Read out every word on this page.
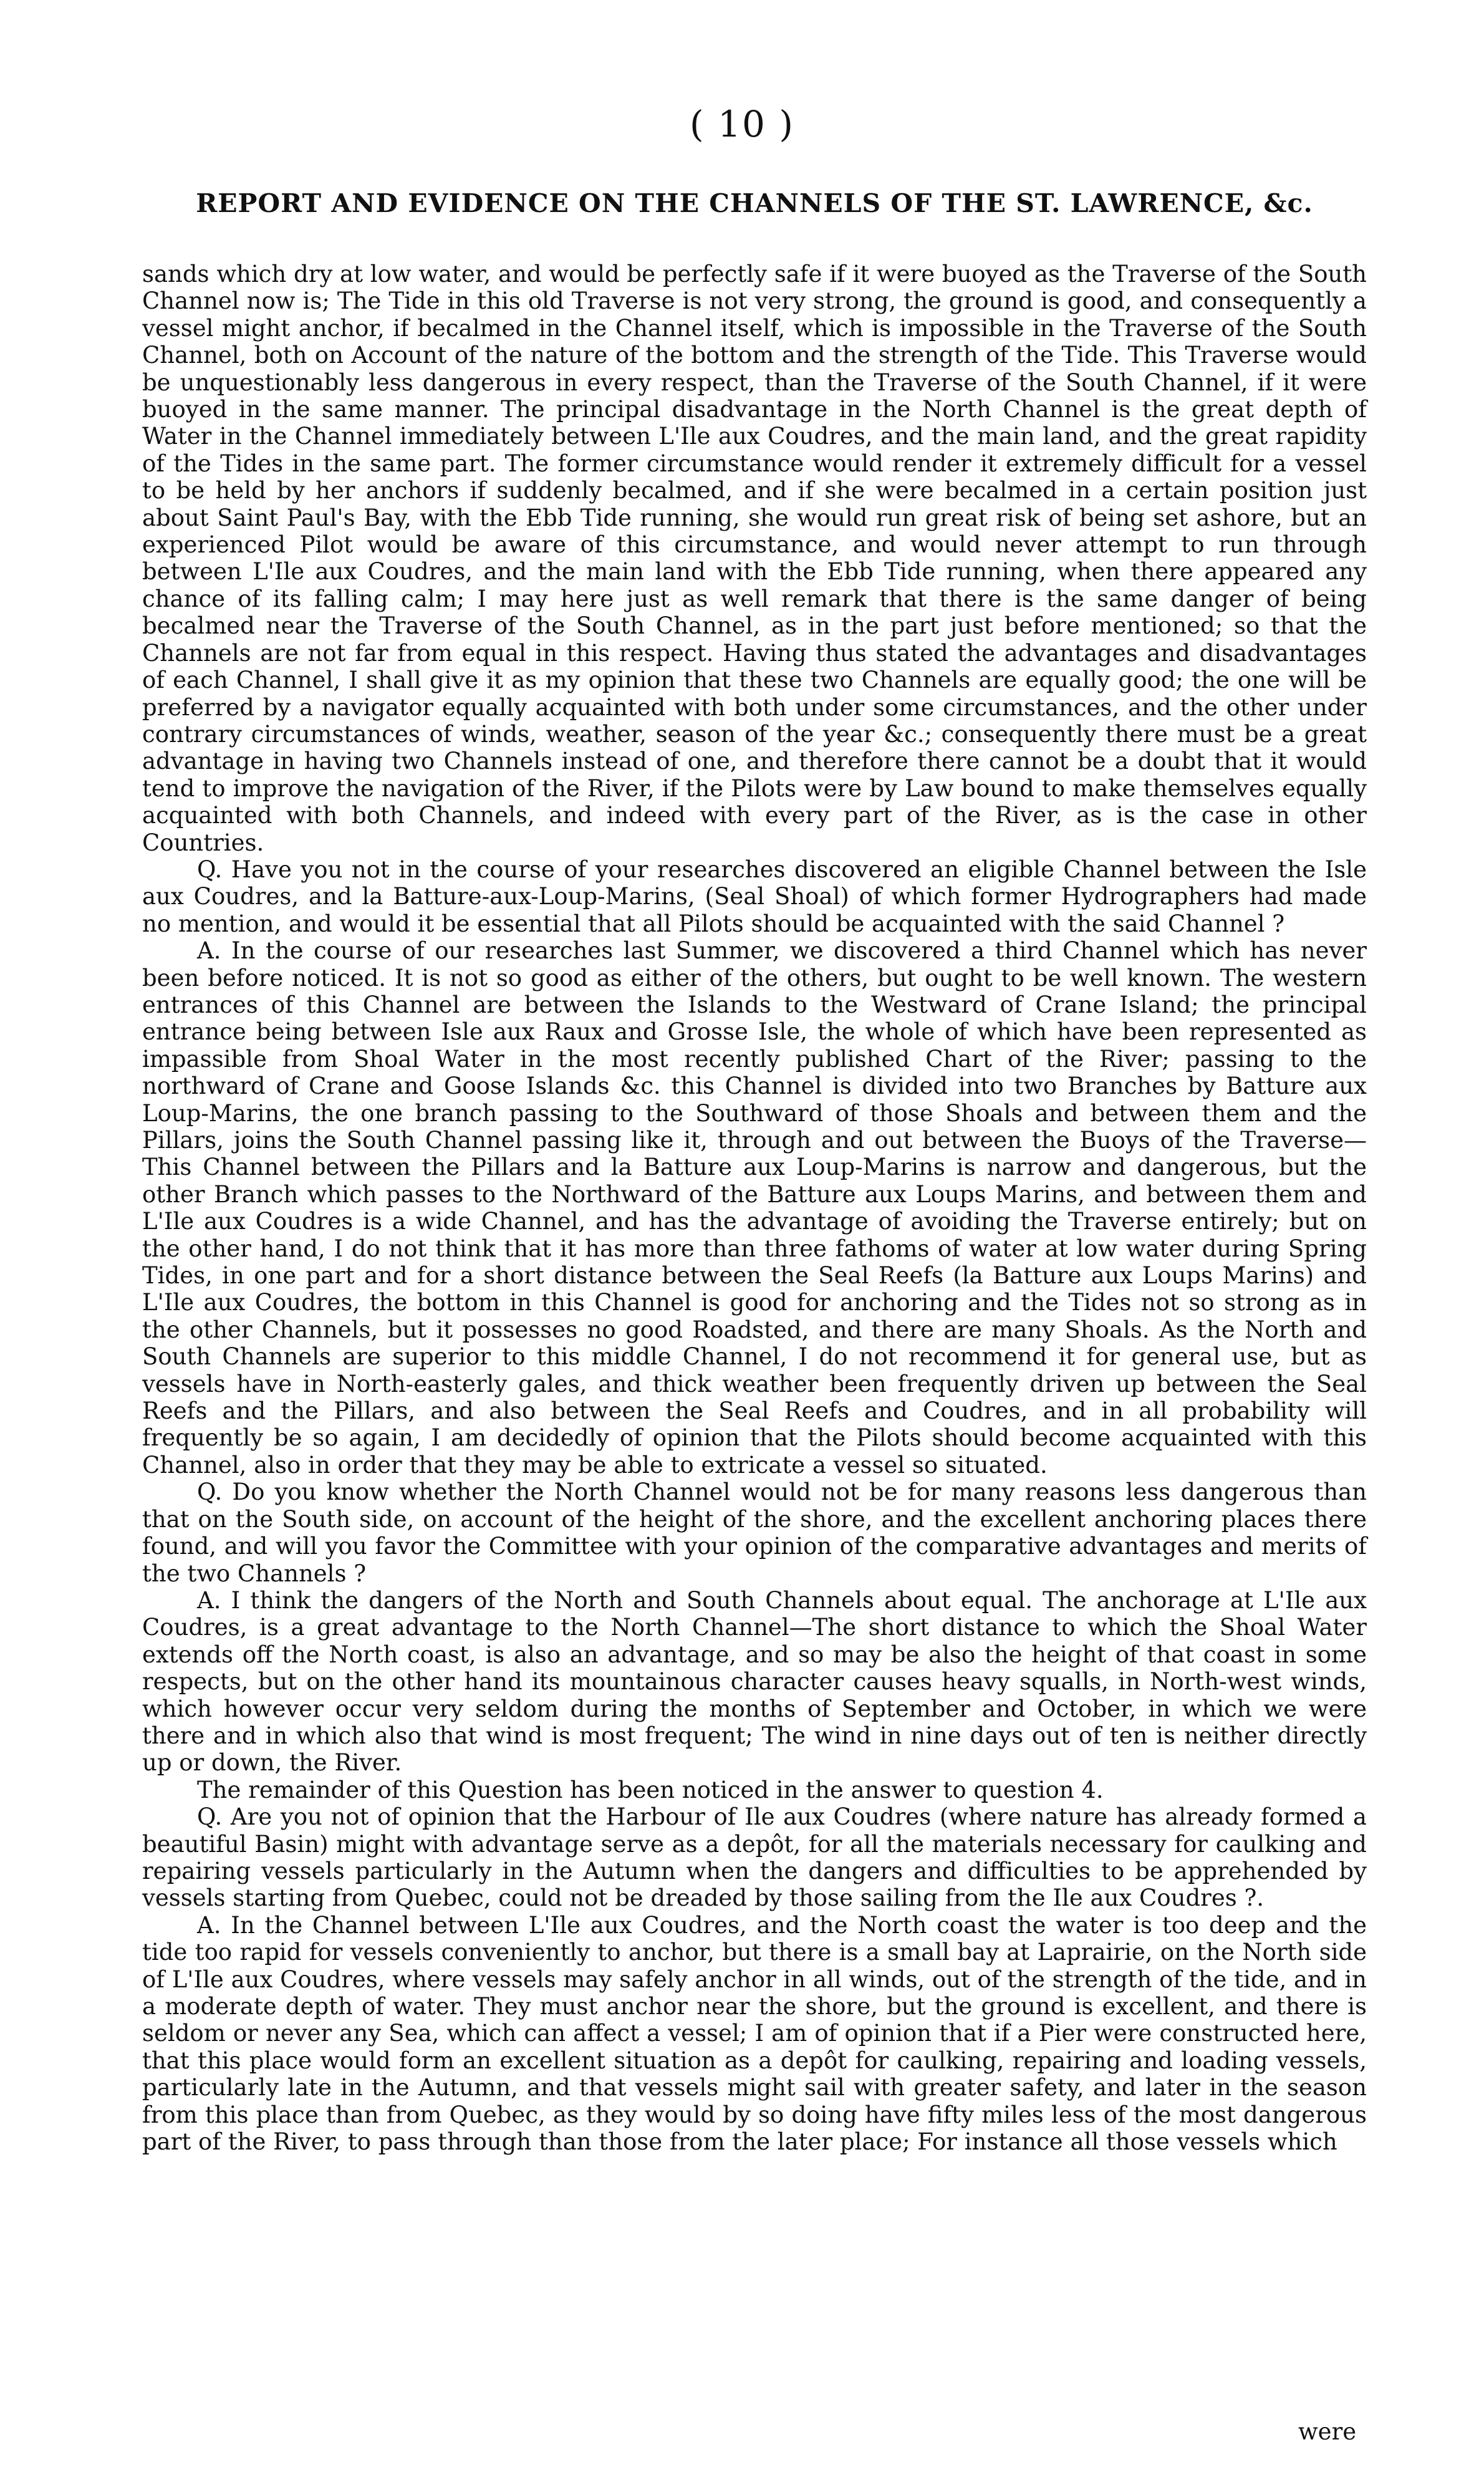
( 10 )
REPORT AND EVIDENCE ON THE CHANNELS OF THE ST. LAWRENCE, &c.

sands which dry at low water, and would be perfectly safe if it were buoyed as the Traverse of the South Channel now is; The Tide in this old Traverse is not very strong, the ground is good, and consequently a vessel might anchor, if becalmed in the Channel itself, which is impossible in the Traverse of the South Channel, both on Account of the nature of the bottom and the strength of the Tide. This Traverse would be unquestionably less dangerous in every respect, than the Traverse of the South Channel, if it were buoyed in the same manner. The principal disadvantage in the North Channel is the great depth of Water in the Channel immediately between L'Ile aux Coudres, and the main land, and the great rapidity of the Tides in the same part. The former circumstance would render it extremely difficult for a vessel to be held by her anchors if suddenly becalmed, and if she were becalmed in a certain position just about Saint Paul's Bay, with the Ebb Tide running, she would run great risk of being set ashore, but an experienced Pilot would be aware of this circumstance, and would never attempt to run through between L'Ile aux Coudres, and the main land with the Ebb Tide running, when there appeared any chance of its falling calm; I may here just as well remark that there is the same danger of being becalmed near the Traverse of the South Channel, as in the part just before mentioned; so that the Channels are not far from equal in this respect. Having thus stated the advantages and disadvantages of each Channel, I shall give it as my opinion that these two Channels are equally good; the one will be preferred by a navigator equally acquainted with both under some circumstances, and the other under contrary circumstances of winds, weather, season of the year &c.; consequently there must be a great advantage in having two Channels instead of one, and therefore there cannot be a doubt that it would tend to improve the navigation of the River, if the Pilots were by Law bound to make themselves equally acquainted with both Channels, and indeed with every part of the River, as is the case in other Countries.

Q. Have you not in the course of your researches discovered an eligible Channel between the Isle aux Coudres, and la Batture-aux-Loup-Marins, (Seal Shoal) of which former Hydrographers had made no mention, and would it be essential that all Pilots should be acquainted with the said Channel ?

A. In the course of our researches last Summer, we discovered a third Channel which has never been before noticed. It is not so good as either of the others, but ought to be well known. The western entrances of this Channel are between the Islands to the Westward of Crane Island; the principal entrance being between Isle aux Raux and Grosse Isle, the whole of which have been represented as impassible from Shoal Water in the most recently published Chart of the River; passing to the northward of Crane and Goose Islands &c. this Channel is divided into two Branches by Batture aux Loup-Marins, the one branch passing to the Southward of those Shoals and between them and the Pillars, joins the South Channel passing like it, through and out between the Buoys of the Traverse—This Channel between the Pillars and la Batture aux Loup-Marins is narrow and dangerous, but the other Branch which passes to the Northward of the Batture aux Loups Marins, and between them and L'Ile aux Coudres is a wide Channel, and has the advantage of avoiding the Traverse entirely; but on the other hand, I do not think that it has more than three fathoms of water at low water during Spring Tides, in one part and for a short distance between the Seal Reefs (la Batture aux Loups Marins) and L'Ile aux Coudres, the bottom in this Channel is good for anchoring and the Tides not so strong as in the other Channels, but it possesses no good Roadsted, and there are many Shoals. As the North and South Channels are superior to this middle Channel, I do not recommend it for general use, but as vessels have in North-easterly gales, and thick weather been frequently driven up between the Seal Reefs and the Pillars, and also between the Seal Reefs and Coudres, and in all probability will frequently be so again, I am decidedly of opinion that the Pilots should become acquainted with this Channel, also in order that they may be able to extricate a vessel so situated.

Q. Do you know whether the North Channel would not be for many reasons less dangerous than that on the South side, on account of the height of the shore, and the excellent anchoring places there found, and will you favor the Committee with your opinion of the comparative advantages and merits of the two Channels ?

A. I think the dangers of the North and South Channels about equal. The anchorage at L'Ile aux Coudres, is a great advantage to the North Channel—The short distance to which the Shoal Water extends off the North coast, is also an advantage, and so may be also the height of that coast in some respects, but on the other hand its mountainous character causes heavy squalls, in North-west winds, which however occur very seldom during the months of September and October, in which we were there and in which also that wind is most frequent; The wind in nine days out of ten is neither directly up or down, the River.

The remainder of this Question has been noticed in the answer to question 4.

Q. Are you not of opinion that the Harbour of Ile aux Coudres (where nature has already formed a beautiful Basin) might with advantage serve as a depôt, for all the materials necessary for caulking and repairing vessels particularly in the Autumn when the dangers and difficulties to be apprehended by vessels starting from Quebec, could not be dreaded by those sailing from the Ile aux Coudres ?.

A. In the Channel between L'Ile aux Coudres, and the North coast the water is too deep and the tide too rapid for vessels conveniently to anchor, but there is a small bay at Laprairie, on the North side of L'Ile aux Coudres, where vessels may safely anchor in all winds, out of the strength of the tide, and in a moderate depth of water. They must anchor near the shore, but the ground is excellent, and there is seldom or never any Sea, which can affect a vessel; I am of opinion that if a Pier were constructed here, that this place would form an excellent situation as a depôt for caulking, repairing and loading vessels, particularly late in the Autumn, and that vessels might sail with greater safety, and later in the season from this place than from Quebec, as they would by so doing have fifty miles less of the most dangerous part of the River, to pass through than those from the later place; For instance all those vessels which

were
